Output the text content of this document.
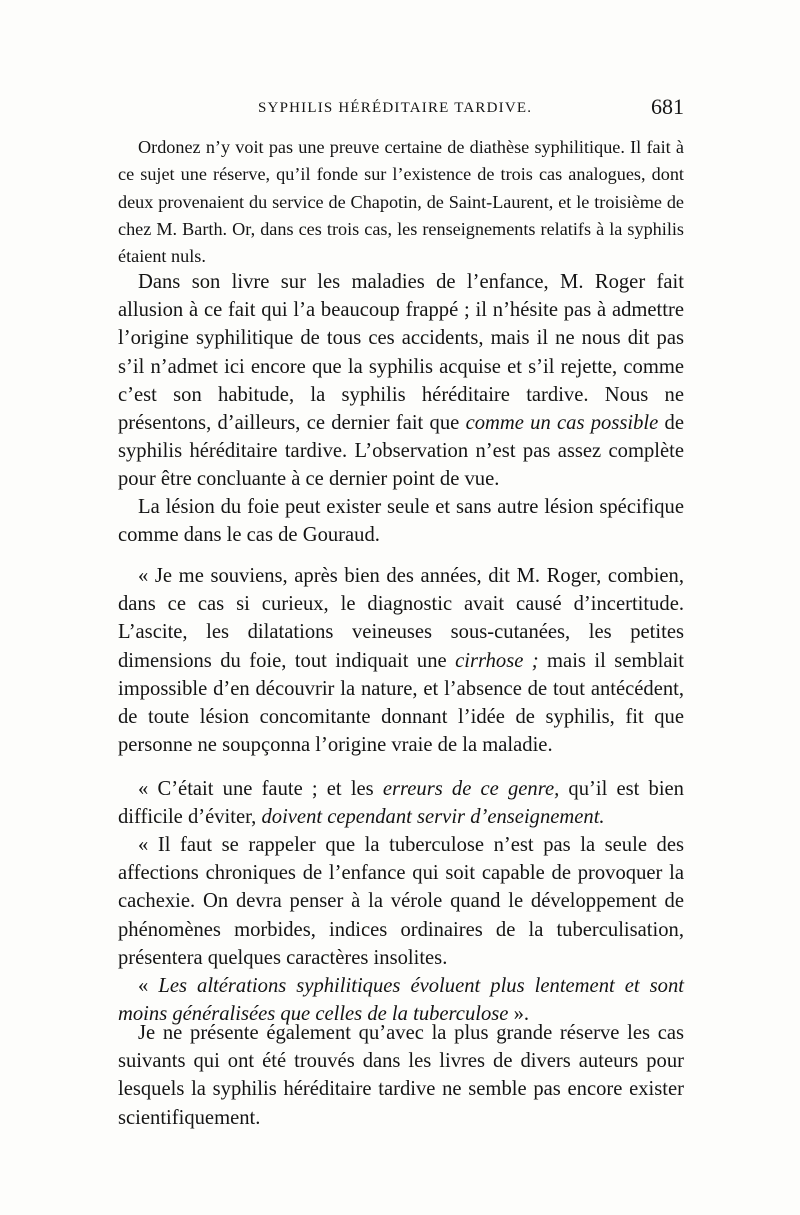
SYPHILIS HÉRÉDITAIRE TARDIVE.	681

Ordonez n’y voit pas une preuve certaine de diathèse syphilitique. Il fait à ce sujet une réserve, qu’il fonde sur l’existence de trois cas analogues, dont deux provenaient du service de Chapotin, de Saint-Laurent, et le troisième de chez M. Barth. Or, dans ces trois cas, les renseignements relatifs à la syphilis étaient nuls.

Dans son livre sur les maladies de l’enfance, M. Roger fait allusion à ce fait qui l’a beaucoup frappé ; il n’hésite pas à admettre l’origine syphilitique de tous ces accidents, mais il ne nous dit pas s’il n’admet ici encore que la syphilis acquise et s’il rejette, comme c’est son habitude, la syphilis héréditaire tardive. Nous ne présentons, d’ailleurs, ce dernier fait que comme un cas possible de syphilis héréditaire tardive. L’observation n’est pas assez complète pour être concluante à ce dernier point de vue.

La lésion du foie peut exister seule et sans autre lésion spécifique comme dans le cas de Gouraud.

« Je me souviens, après bien des années, dit M. Roger, combien, dans ce cas si curieux, le diagnostic avait causé d’incertitude. L’ascite, les dilatations veineuses sous-cutanées, les petites dimensions du foie, tout indiquait une cirrhose ; mais il semblait impossible d’en découvrir la nature, et l’absence de tout antécédent, de toute lésion concomitante donnant l’idée de syphilis, fit que personne ne soupçonna l’origine vraie de la maladie.

« C’était une faute ; et les erreurs de ce genre, qu’il est bien difficile d’éviter, doivent cependant servir d’enseignement.

« Il faut se rappeler que la tuberculose n’est pas la seule des affections chroniques de l’enfance qui soit capable de provoquer la cachexie. On devra penser à la vérole quand le développement de phénomènes morbides, indices ordinaires de la tuberculisation, présentera quelques caractères insolites.

« Les altérations syphilitiques évoluent plus lentement et sont moins généralisées que celles de la tuberculose ».

Je ne présente également qu’avec la plus grande réserve les cas suivants qui ont été trouvés dans les livres de divers auteurs pour lesquels la syphilis héréditaire tardive ne semble pas encore exister scientifiquement.
